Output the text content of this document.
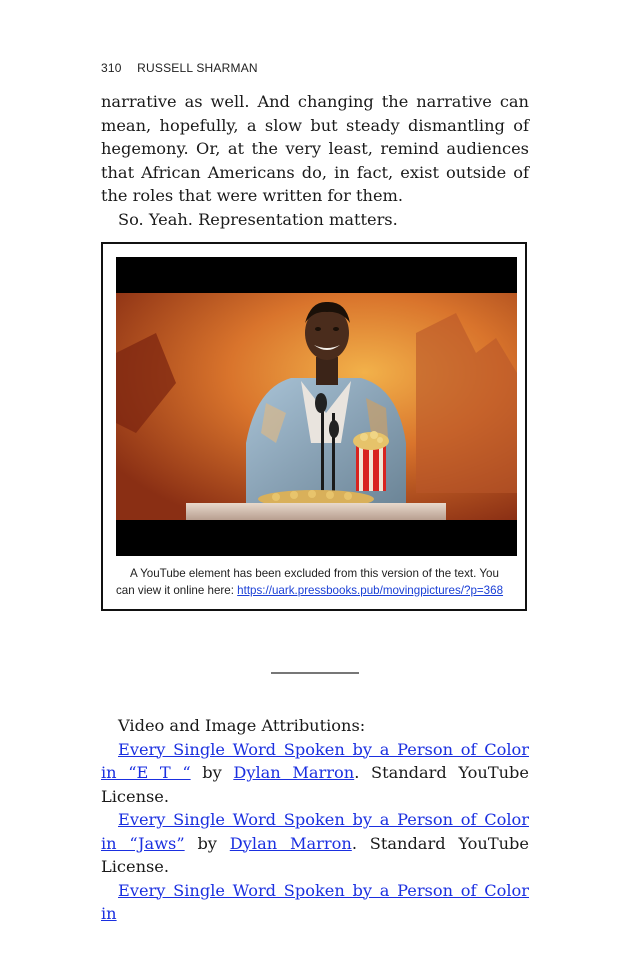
310 RUSSELL SHARMAN

narrative as well. And changing the narrative can mean, hopefully, a slow but steady dismantling of hegemony. Or, at the very least, remind audiences that African Americans do, in fact, exist outside of the roles that were written for them.

So. Yeah. Representation matters.

A YouTube element has been excluded from this version of the text. You can view it online here: https://uark.pressbooks.pub/movingpictures/?p=368

Video and Image Attributions:

Every Single Word Spoken by a Person of Color in “E T “ by Dylan Marron. Standard YouTube License.

Every Single Word Spoken by a Person of Color in “Jaws” by Dylan Marron. Standard YouTube License.

Every Single Word Spoken by a Person of Color in
